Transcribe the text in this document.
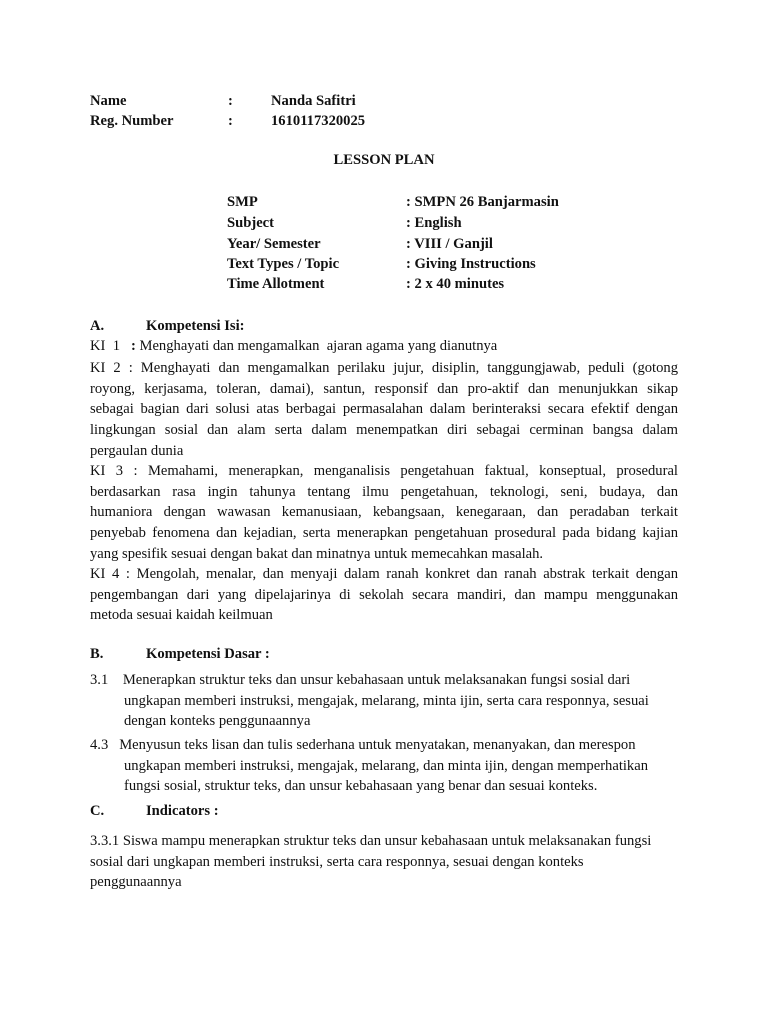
Name	:	Nanda Safitri
Reg. Number	:	1610117320025
LESSON PLAN
SMP	: SMPN 26 Banjarmasin
Subject	: English
Year/ Semester	: VIII / Ganjil
Text Types / Topic	: Giving Instructions
Time Allotment	: 2 x 40 minutes
A.	Kompetensi Isi:
KI  1   : Menghayati dan mengamalkan  ajaran agama yang dianutnya
KI 2 : Menghayati dan mengamalkan perilaku jujur, disiplin, tanggungjawab, peduli (gotong
royong, kerjasama, toleran, damai), santun, responsif dan pro-aktif dan menunjukkan sikap
sebagai bagian dari solusi atas berbagai permasalahan dalam berinteraksi secara efektif dengan
lingkungan sosial dan alam serta dalam menempatkan diri sebagai cerminan bangsa dalam
pergaulan dunia
KI 3 : Memahami, menerapkan, menganalisis pengetahuan faktual, konseptual, prosedural
berdasarkan rasa ingin tahunya tentang ilmu pengetahuan, teknologi, seni, budaya, dan
humaniora dengan wawasan kemanusiaan, kebangsaan, kenegaraan, dan peradaban terkait
penyebab fenomena dan kejadian, serta menerapkan pengetahuan prosedural pada bidang kajian
yang spesifik sesuai dengan bakat dan minatnya untuk memecahkan masalah.
KI 4 : Mengolah, menalar, dan menyaji dalam ranah konkret dan ranah abstrak terkait dengan
pengembangan dari yang dipelajarinya di sekolah secara mandiri, dan mampu menggunakan
metoda sesuai kaidah keilmuan
B.	Kompetensi Dasar :
3.1    Menerapkan struktur teks dan unsur kebahasaan untuk melaksanakan fungsi sosial dari
ungkapan memberi instruksi, mengajak, melarang, minta ijin, serta cara responnya, sesuai
dengan konteks penggunaannya
4.3   Menyusun teks lisan dan tulis sederhana untuk menyatakan, menanyakan, dan merespon
ungkapan memberi instruksi, mengajak, melarang, dan minta ijin, dengan memperhatikan
fungsi sosial, struktur teks, dan unsur kebahasaan yang benar dan sesuai konteks.
C.	Indicators :
3.3.1 Siswa mampu menerapkan struktur teks dan unsur kebahasaan untuk melaksanakan fungsi
sosial dari ungkapan memberi instruksi, serta cara responnya, sesuai dengan konteks
penggunaannya
